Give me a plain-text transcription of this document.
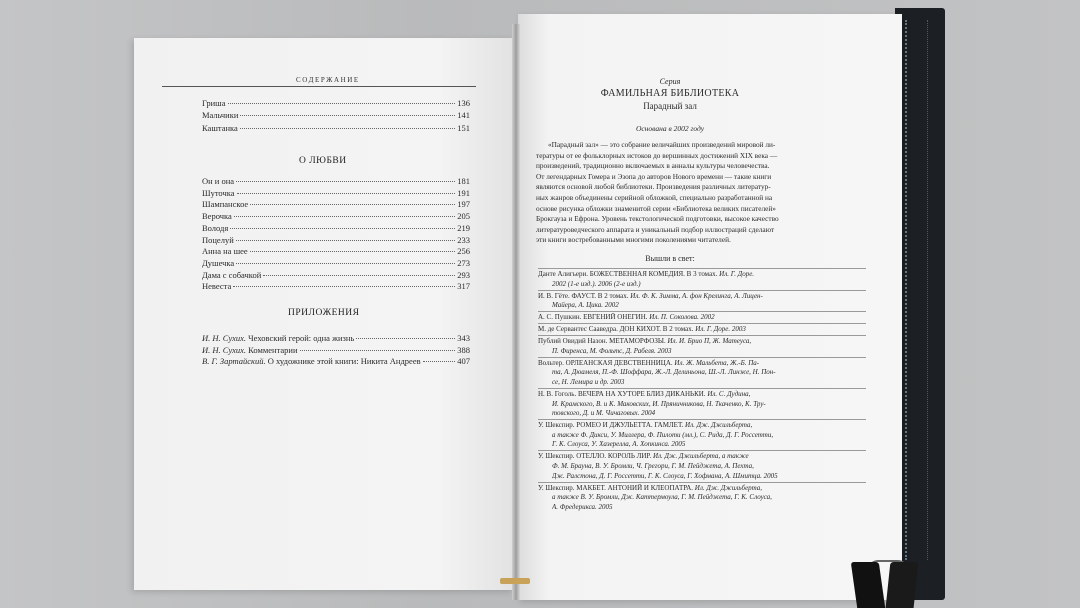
СОДЕРЖАНИЕ
Гриша	136
Мальчики	141
Каштанка	151
О ЛЮБВИ
Он и она	181
Шуточка	191
Шампанское	197
Верочка	205
Володя	219
Поцелуй	233
Анна на шее	256
Душечка	273
Дама с собачкой	293
Невеста	317
ПРИЛОЖЕНИЯ
И. Н. Сухих. Чеховский герой: одна жизнь	343
И. Н. Сухих. Комментарии	388
В. Г. Зартайский. О художнике этой книги: Никита Андреев	407
Серия
ФАМИЛЬНАЯ БИБЛИОТЕКА
Парадный зал
Основана в 2002 году
«Парадный зал» — это собрание величайших произведений мировой ли-
тературы от ее фольклорных истоков до вершинных достижений XIX века —
произведений, традиционно включаемых в анналы культуры человечества.
От легендарных Гомера и Эзопа до авторов Нового времени — такие книги
являются основой любой библиотеки. Произведения различных литератур-
ных жанров объединены серийной обложкой, специально разработанной на
основе рисунка обложки знаменитой серии «Библиотека великих писателей»
Брокгауза и Ефрона. Уровень текстологической подготовки, высокое качество
литературоведческого аппарата и уникальный подбор иллюстраций сделают
эти книги востребованными многими поколениями читателей.
Вышли в свет:
Данте Алигьери. БОЖЕСТВЕННАЯ КОМЕДИЯ. В 3 томах. Ил. Г. Доре.
2002 (1-е изд.). 2006 (2-е изд.)
И. В. Гёте. ФАУСТ. В 2 томах. Ил. Ф. К. Зимма, А. фон Крелинга, А. Лицен-
Майера, А. Цика. 2002
А. С. Пушкин. ЕВГЕНИЙ ОНЕГИН. Ил. П. Соколова. 2002
М. де Сервантес Сааведра. ДОН КИХОТ. В 2 томах. Ил. Г. Доре. 2003
Публий Овидий Назон. МЕТАМОРФОЗЫ. Ил. И. Брио П, Ж. Матеуса,
П. Фиренса, М. Фольтс, Д. Рабеля. 2003
Вольтер. ОРЛЕАНСКАЯ ДЕВСТВЕННИЦА. Ил. Ж. Мальбета, Ж.-Б. Па-
та, А. Дюамеля, П.-Ф. Шоффара, Ж.-Л. Делиньона, Ш.-Л. Линже, Н. Пон-
се, Н. Лемира и др. 2003
Н. В. Гоголь. ВЕЧЕРА НА ХУТОРЕ БЛИЗ ДИКАНЬКИ. Ил. С. Дудина,
И. Крамского, В. и К. Маковских, И. Пряничникова, Н. Ткаченко, К. Тру-
товского, Д. и М. Чичаговых. 2004
У. Шекспир. РОМЕО И ДЖУЛЬЕТТА. ГАМЛЕТ. Ил. Дж. Джильберта,
а также Ф. Дикси, У. Миллера, Ф. Пилоти (мл.), С. Рида, Д. Г. Россетти,
Г. К. Слоуса, У. Хазерелла, А. Хопкинса. 2005
У. Шекспир. ОТЕЛЛО. КОРОЛЬ ЛИР. Ил. Дж. Джильберта, а также
Ф. М. Брауна, В. У. Бромли, Ч. Грегори, Г. М. Пейджета, А. Пехта,
Дж. Ралстона, Д. Г. Россетти, Г. К. Слоуса, Г. Хофмана, А. Шмитца. 2005
У. Шекспир. МАКБЕТ. АНТОНИЙ И КЛЕОПАТРА. Ил. Дж. Джильберта,
а также В. У. Бромли, Дж. Каттермоула, Г. М. Пейджета, Г. К. Слоуса,
А. Фредерикса. 2005
